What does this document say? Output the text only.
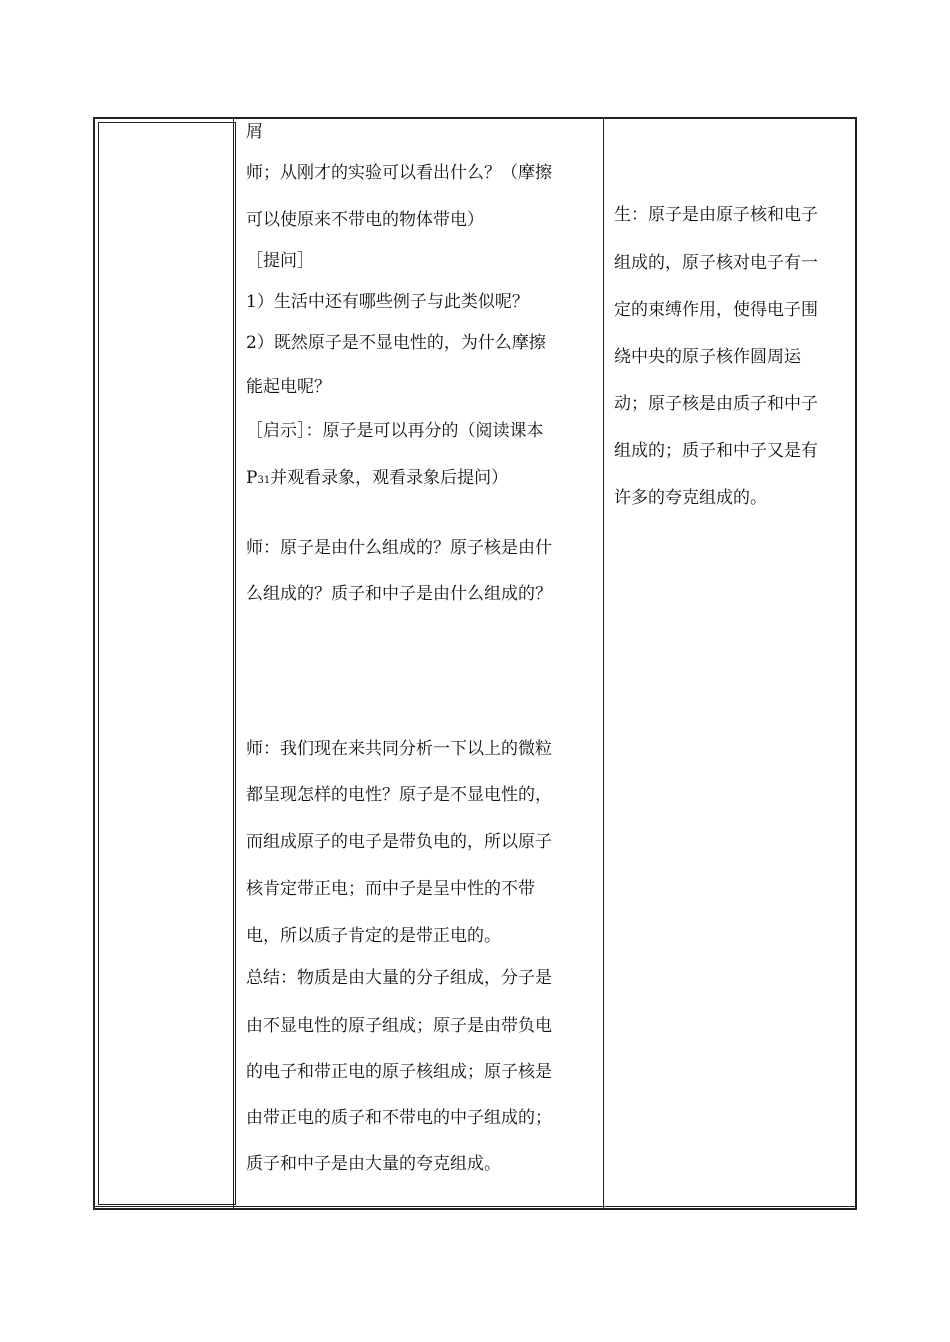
屑
师；从刚才的实验可以看出什么？（摩擦
可以使原来不带电的物体带电）
［提问］
1）生活中还有哪些例子与此类似呢？
2）既然原子是不显电性的，为什么摩擦
能起电呢？
［启示］：原子是可以再分的（阅读课本
P31并观看录象，观看录象后提问）
师：原子是由什么组成的？原子核是由什
么组成的？质子和中子是由什么组成的？
师：我们现在来共同分析一下以上的微粒
都呈现怎样的电性？原子是不显电性的，
而组成原子的电子是带负电的，所以原子
核肯定带正电；而中子是呈中性的不带
电，所以质子肯定的是带正电的。
总结：物质是由大量的分子组成，分子是
由不显电性的原子组成；原子是由带负电
的电子和带正电的原子核组成；原子核是
由带正电的质子和不带电的中子组成的；
质子和中子是由大量的夸克组成。
生：原子是由原子核和电子
组成的，原子核对电子有一
定的束缚作用，使得电子围
绕中央的原子核作圆周运
动；原子核是由质子和中子
组成的；质子和中子又是有
许多的夸克组成的。
